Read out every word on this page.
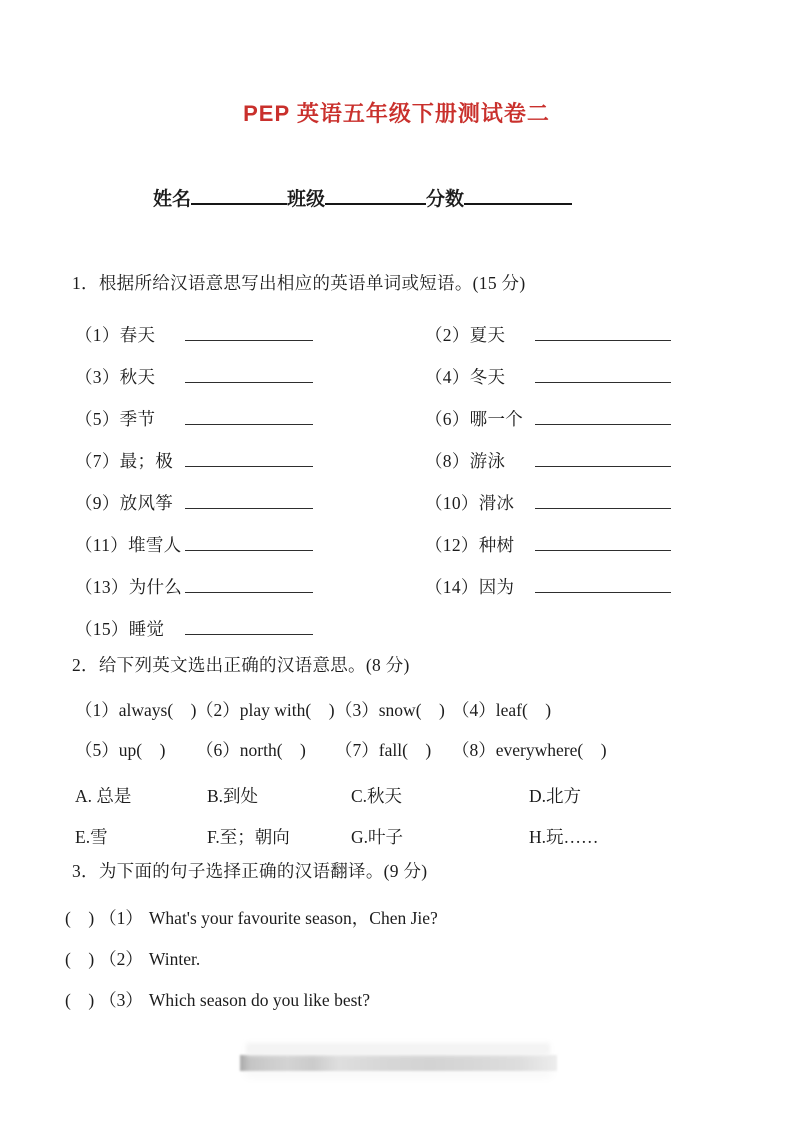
PEP 英语五年级下册测试卷二
姓名	班级	分数
1．根据所给汉语意思写出相应的英语单词或短语。(15 分)
（1）春天	（2）夏天
（3）秋天	（4）冬天
（5）季节	（6）哪一个
（7）最；极	（8）游泳
（9）放风筝	（10）滑冰
（11）堆雪人	（12）种树
（13）为什么	（14）因为
（15）睡觉
2．给下列英文选出正确的汉语意思。(8 分)
（1）always(    ) （2）play with(    ) （3）snow(    ) （4）leaf(    )
（5）up(    )	（6）north(    )	（7）fall(    )	（8）everywhere(    )
A. 总是	B.到处	C.秋天	D.北方
E.雪	F.至；朝向	G.叶子	H.玩……
3．为下面的句子选择正确的汉语翻译。(9 分)
(    ) （1） What's your favourite season，Chen Jie?
(    ) （2） Winter.
(    ) （3） Which season do you like best?
